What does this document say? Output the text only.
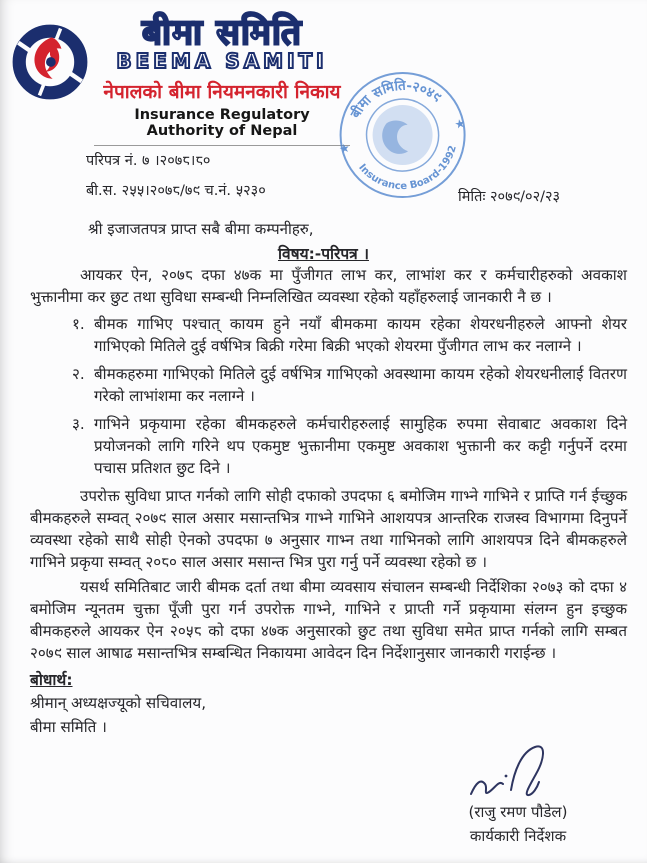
बीमा समिति
BEEMA SAMITI
नेपालको बीमा नियमनकारी निकाय
Insurance Regulatory Authority of Nepal
बीमा समिति-२०४९
Insurance Board-1992
★
★
परिपत्र नं. ७ ।२०७८।८०
बी.स. २५५।२०७८/७९ च.नं. ५२३०	मितिः २०७९/०२/२३
श्री इजाजतपत्र प्राप्त सबै बीमा कम्पनीहरु,
विषय:-परिपत्र ।

आयकर ऐन, २०७८ दफा ४७क मा पुँजीगत लाभ कर, लाभांश कर र कर्मचारीहरुको अवकाश भुक्तानीमा कर छुट तथा सुविधा सम्बन्धी निम्नलिखित व्यवस्था रहेको यहाँहरुलाई जानकारी नै छ ।

१. बीमक गाभिए पश्चात् कायम हुने नयाँ बीमकमा कायम रहेका शेयरधनीहरुले आफ्नो शेयर गाभिएको मितिले दुई वर्षभित्र बिक्री गरेमा बिक्री भएको शेयरमा पुँजीगत लाभ कर नलाग्ने ।
२. बीमकहरुमा गाभिएको मितिले दुई वर्षभित्र गाभिएको अवस्थामा कायम रहेको शेयरधनीलाई वितरण गरेको लाभांशमा कर नलाग्ने ।
३. गाभिने प्रकृयामा रहेका बीमकहरुले कर्मचारीहरुलाई सामुहिक रुपमा सेवाबाट अवकाश दिने प्रयोजनको लागि गरिने थप एकमुष्ट भुक्तानीमा एकमुष्ट अवकाश भुक्तानी कर कट्टी गर्नुपर्ने दरमा पचास प्रतिशत छुट दिने ।

उपरोक्त सुविधा प्राप्त गर्नको लागि सोही दफाको उपदफा ६ बमोजिम गाभ्ने गाभिने र प्राप्ति गर्न ईच्छुक बीमकहरुले सम्वत् २०७९ साल असार मसान्तभित्र गाभ्ने गाभिने आशयपत्र आन्तरिक राजस्व विभागमा दिनुपर्ने व्यवस्था रहेको साथै सोही ऐनको उपदफा ७ अनुसार गाभ्न तथा गाभिनको लागि आशयपत्र दिने बीमकहरुले गाभिने प्रकृया सम्वत् २०८० साल असार मसान्त भित्र पुरा गर्नु पर्ने व्यवस्था रहेको छ ।

यसर्थ समितिबाट जारी बीमक दर्ता तथा बीमा व्यवसाय संचालन सम्बन्धी निर्देशिका २०७३ को दफा ४ बमोजिम न्यूनतम चुक्ता पूँजी पुरा गर्न उपरोक्त गाभ्ने, गाभिने र प्राप्ती गर्ने प्रकृयामा संलग्न हुन इच्छुक बीमकहरुले आयकर ऐन २०५८ को दफा ४७क अनुसारको छुट तथा सुविधा समेत प्राप्त गर्नको लागि सम्बत २०७९ साल आषाढ मसान्तभित्र सम्बन्धित निकायमा आवेदन दिन निर्देशानुसार जानकारी गराईन्छ ।

बोधार्थ:
श्रीमान् अध्यक्षज्यूको सचिवालय,
बीमा समिति ।
(राजु रमण पौडेल)
कार्यकारी निर्देशक
